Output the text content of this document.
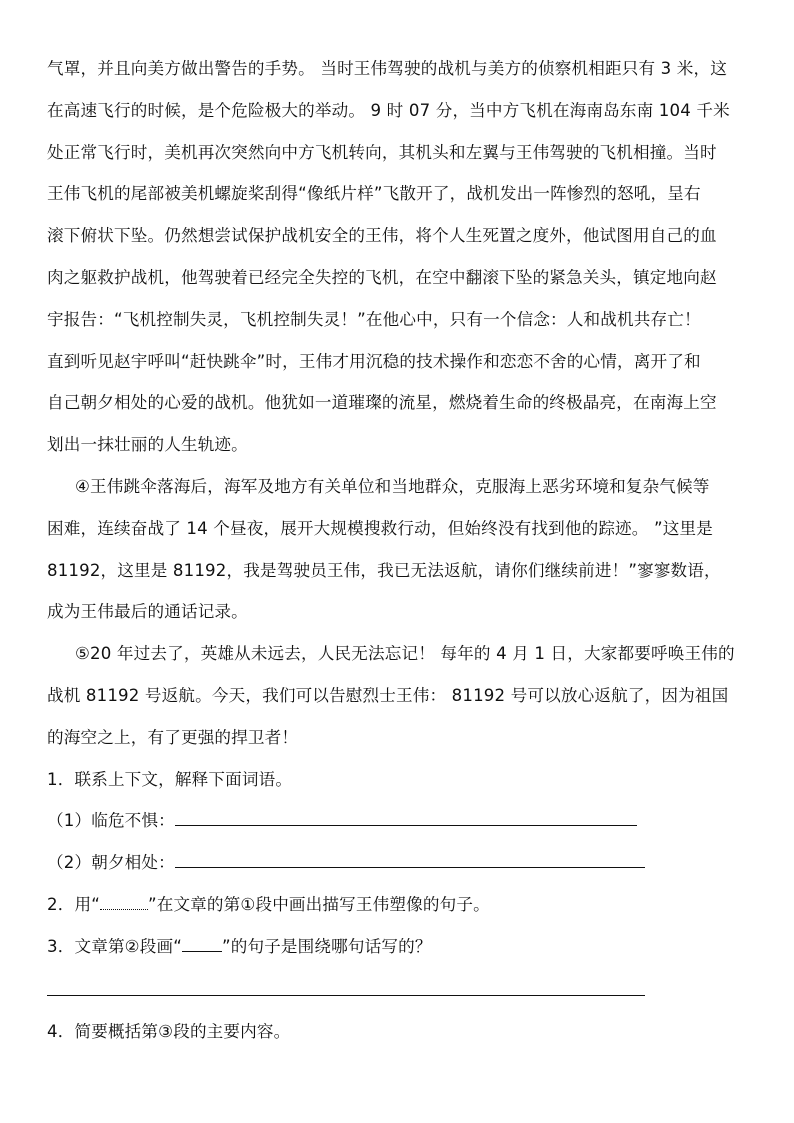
气罩，并且向美方做出警告的手势。 当时王伟驾驶的战机与美方的侦察机相距只有 3 米，这
在高速飞行的时候，是个危险极大的举动。 9 时 07 分，当中方飞机在海南岛东南 104 千米
处正常飞行时，美机再次突然向中方飞机转向，其机头和左翼与王伟驾驶的飞机相撞。当时
王伟飞机的尾部被美机螺旋桨刮得“像纸片样”飞散开了，战机发出一阵惨烈的怒吼，呈右
滚下俯状下坠。仍然想尝试保护战机安全的王伟，将个人生死置之度外，他试图用自己的血
肉之躯救护战机，他驾驶着已经完全失控的飞机，在空中翻滚下坠的紧急关头，镇定地向赵
宇报告：“飞机控制失灵，飞机控制失灵！”在他心中，只有一个信念：人和战机共存亡！
直到听见赵宇呼叫“赶快跳伞”时，王伟才用沉稳的技术操作和恋恋不舍的心情，离开了和
自己朝夕相处的心爱的战机。他犹如一道璀璨的流星，燃烧着生命的终极晶亮，在南海上空
划出一抹壮丽的人生轨迹。
④王伟跳伞落海后，海军及地方有关单位和当地群众，克服海上恶劣环境和复杂气候等
困难，连续奋战了 14 个昼夜，展开大规模搜救行动，但始终没有找到他的踪迹。 ”这里是
81192，这里是 81192，我是驾驶员王伟，我已无法返航，请你们继续前进！”寥寥数语，
成为王伟最后的通话记录。
⑤20 年过去了，英雄从未远去，人民无法忘记！ 每年的 4 月 1 日，大家都要呼唤王伟的
战机 81192 号返航。今天，我们可以告慰烈士王伟： 81192 号可以放心返航了，因为祖国
的海空之上，有了更强的捍卫者！
1．联系上下文，解释下面词语。
（1）临危不惧：
（2）朝夕相处：
2．用“	”在文章的第①段中画出描写王伟塑像的句子。
3．文章第②段画“ ”的句子是围绕哪句话写的？
4．简要概括第③段的主要内容。
